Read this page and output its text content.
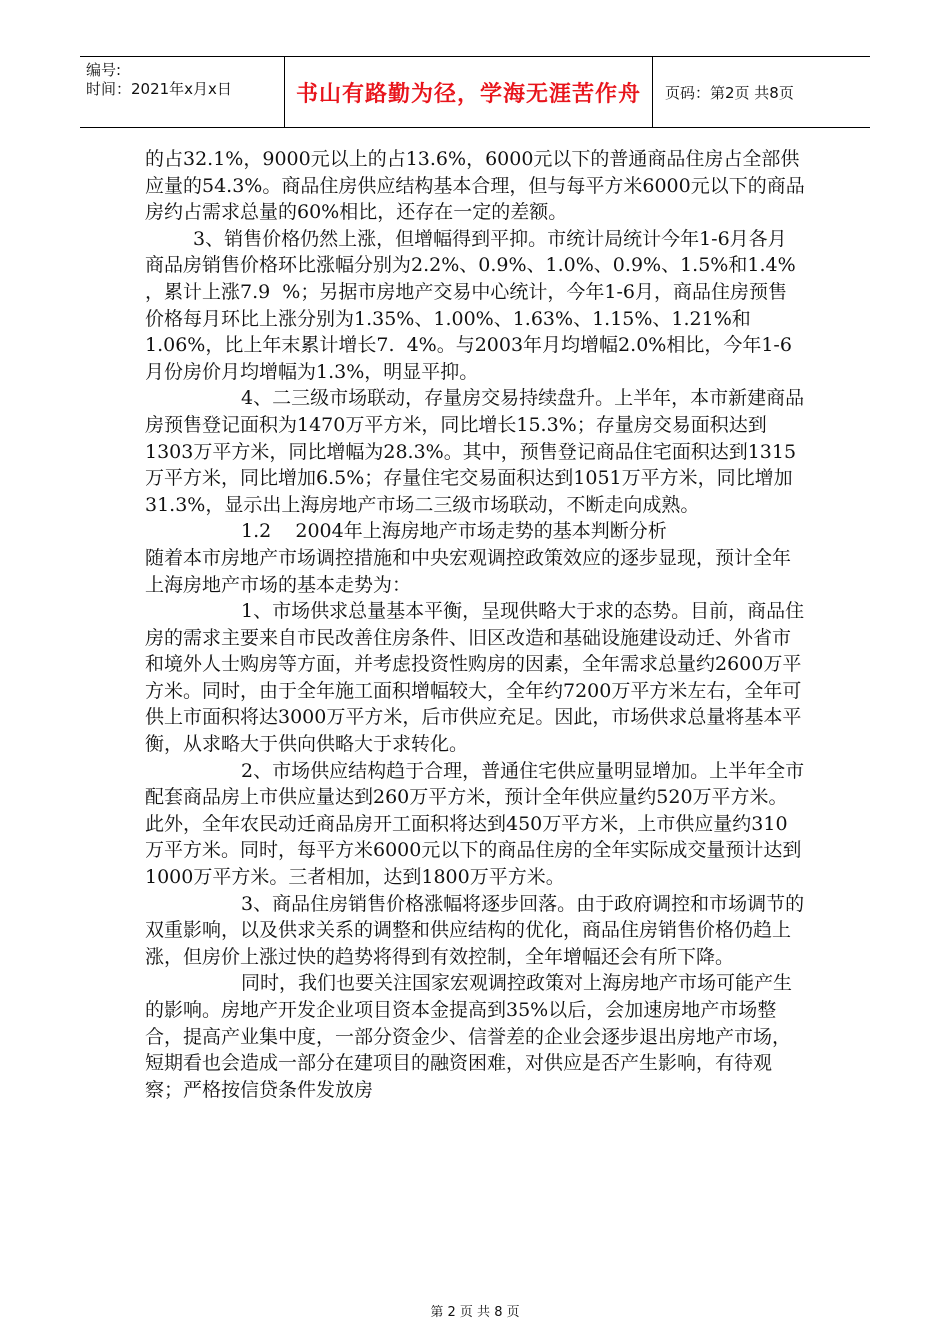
编号:
时间：2021年x月x日	书山有路勤为径，学海无涯苦作舟	页码：第2页 共8页

的占32.1%，9000元以上的占13.6%，6000元以下的普通商品住房占全部供应量的54.3%。商品住房供应结构基本合理，但与每平方米6000元以下的商品房约占需求总量的60%相比，还存在一定的差额。

3、销售价格仍然上涨，但增幅得到平抑。市统计局统计今年1-6月各月商品房销售价格环比涨幅分别为2.2%、0.9%、1.0%、0.9%、1.5%和1.4%  ，累计上涨7.9  %；另据市房地产交易中心统计，今年1-6月，商品住房预售价格每月环比上涨分别为1.35%、1.00%、1.63%、1.15%、1.21%和1.06%，比上年末累计增长7.  4%。与2003年月均增幅2.0%相比，今年1-6月份房价月均增幅为1.3%，明显平抑。

4、二三级市场联动，存量房交易持续盘升。上半年，本市新建商品房预售登记面积为1470万平方米，同比增长15.3%；存量房交易面积达到1303万平方米，同比增幅为28.3%。其中，预售登记商品住宅面积达到1315万平方米，同比增加6.5%；存量住宅交易面积达到1051万平方米，同比增加31.3%，显示出上海房地产市场二三级市场联动，不断走向成熟。

1.2    2004年上海房地产市场走势的基本判断分析

随着本市房地产市场调控措施和中央宏观调控政策效应的逐步显现，预计全年上海房地产市场的基本走势为：

1、市场供求总量基本平衡，呈现供略大于求的态势。目前，商品住房的需求主要来自市民改善住房条件、旧区改造和基础设施建设动迁、外省市和境外人士购房等方面，并考虑投资性购房的因素，全年需求总量约2600万平方米。同时，由于全年施工面积增幅较大，全年约7200万平方米左右，全年可供上市面积将达3000万平方米，后市供应充足。因此，市场供求总量将基本平衡，从求略大于供向供略大于求转化。

2、市场供应结构趋于合理，普通住宅供应量明显增加。上半年全市配套商品房上市供应量达到260万平方米，预计全年供应量约520万平方米。此外，全年农民动迁商品房开工面积将达到450万平方米，上市供应量约310万平方米。同时，每平方米6000元以下的商品住房的全年实际成交量预计达到1000万平方米。三者相加，达到1800万平方米。

3、商品住房销售价格涨幅将逐步回落。由于政府调控和市场调节的双重影响，以及供求关系的调整和供应结构的优化，商品住房销售价格仍趋上涨，但房价上涨过快的趋势将得到有效控制，全年增幅还会有所下降。

同时，我们也要关注国家宏观调控政策对上海房地产市场可能产生的影响。房地产开发企业项目资本金提高到35%以后，会加速房地产市场整合，提高产业集中度，一部分资金少、信誉差的企业会逐步退出房地产市场，短期看也会造成一部分在建项目的融资困难，对供应是否产生影响，有待观察；严格按信贷条件发放房

第 2 页 共 8 页
